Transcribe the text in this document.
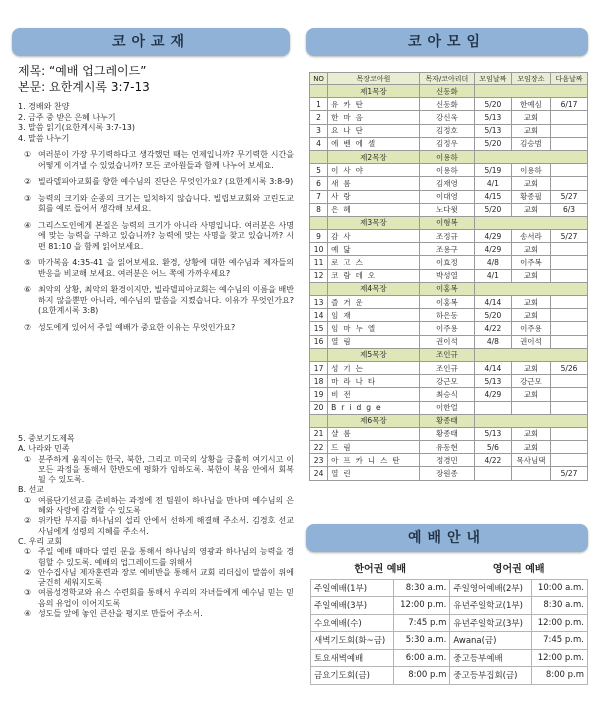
코아교재
제목: “예배 업그레이드”
본문: 요한계시록 3:7-13
1. 경배와 찬양
2. 금주 중 받은 은혜 나누기
3. 말씀 읽기(요한계시록 3:7-13)
4. 말씀 나누기
① 여러분이 가장 무기력하다고 생각했던 때는 언제입니까? 무기력한 시간을 어떻게 이겨낼 수 있었습니까? 모든 코아원들과 함께 나누어 보세요.
② 빌라델피아교회를 향한 예수님의 진단은 무엇인가요? (요한계시록 3:8-9)
③ 능력의 크기와 순종의 크기는 일치하지 않습니다. 빌립보교회와 고린도교회를 예로 들어서 생각해 보세요.
④ 그리스도인에게 본질은 능력의 크기가 아니라 사명입니다. 여러분은 사명에 맞는 능력을 구하고 있습니까? 능력에 맞는 사명을 찾고 있습니까? 시편 81:10 을 함께 읽어보세요.
⑤ 마가복음 4:35-41 을 읽어보세요. 환경, 상황에 대한 예수님과 제자들의 반응을 비교해 보세요. 여러분은 어느 쪽에 가까우세요?
⑥ 최악의 상황, 최악의 환경이지만, 빌라델피아교회는 예수님의 이름을 배반하지 않을뿐만 아니라, 예수님의 말씀을 지켰습니다. 이유가 무엇인가요? (요한계시록 3:8)
⑦ 성도에게 있어서 주일 예배가 중요한 이유는 무엇인가요?
5. 중보기도제목
A. 나라와 민족
① 분주하게 움직이는 한국, 북한, 그리고 미국의 상황을 긍휼히 여기시고 이 모든 과정을 통해서 한반도에 평화가 임하도록. 북한이 복음 안에서 회복될 수 있도록.
B. 선교
① 여름단기선교를 준비하는 과정에 전 팀원이 하나님을 만나며 예수님의 은혜와 사랑에 감격할 수 있도록
② 위카탄 부지를 하나님의 섭리 안에서 선하게 해결해 주소서. 김경호 선교사님에게 성령의 지혜를 주소서.
C. 우리 교회
① 주일 예배 때마다 열린 문을 통해서 하나님의 영광과 하나님의 능력을 경험할 수 있도록. 예배의 업그레이드를 위해서
② 안수집사님 제자훈련과 장로 예비반을 통해서 교회 리더십이 말씀이 위에 굳건히 세워지도록
③ 여름성경학교와 유스 수련회를 통해서 우리의 자녀들에게 예수님 믿는 믿음의 유업이 이어지도록
④ 성도들 앞에 놓인 큰산을 평지로 만들어 주소서.
코아모임
NO	목장코아원	목자/코아리더	모임날짜	모임장소	다음날짜
	제1목장	신동화			
1	유카탄	신동화	5/20	한예심	6/17
2	한마음	강신욱	5/13	교회	
3	요나단	김정호	5/13	교회	
4	에벤에셀	김정우	5/20	김승범	
	제2목장	이용하			
5	이사야	이용하	5/19	이용하	
6	새롬	김재영	4/1	교회	
7	사랑	이대영	4/15	황종필	5/27
8	은혜	노다윗	5/20	교회	6/3
	제3목장	이형복			
9	감사	조정규	4/29	송서라	5/27
10	예닮	조용구	4/29	교회	
11	로고스	이효정	4/8	이주복	
12	코람데오	박성열	4/1	교회	
	제4목장	이홍복			
13	즐거운	이홍복	4/14	교회	
14	임재	하은동	5/20	교회	
15	임마누엘	이주용	4/22	이주용	
16	열림	권이석	4/8	권이석	
	제5목장	조인규			
17	성기는	조인규	4/14	교회	5/26
18	마라나타	강근모	5/13	강근모	
19	비전	최승식	4/29	교회	
20	Bridge	이한얼			
	제6목장	황종태			
21	샬롬	황종태	5/13	교회	
22	드림	유동현	5/6	교회	
23	아프카니스탄	정경민	4/22	목사님댁	
24	열린	장원종			5/27
예배안내
한어권 예배		영어권 예배	
주일예배(1부)	8:30 a.m.	주일영어예배(2부)	10:00 a.m.
주일예배(3부)	12:00 p.m.	유년주일학교(1부)	8:30 a.m.
수요예배(수)	7:45 p.m	유년주일학교(3부)	12:00 p.m.
새벽기도회(화~금)	5:30 a.m.	Awana(금)	7:45 p.m.
토요새벽예배	6:00 a.m.	중고등부예배	12:00 p.m.
금요기도회(금)	8:00 p.m	중고등부집회(금)	8:00 p.m
